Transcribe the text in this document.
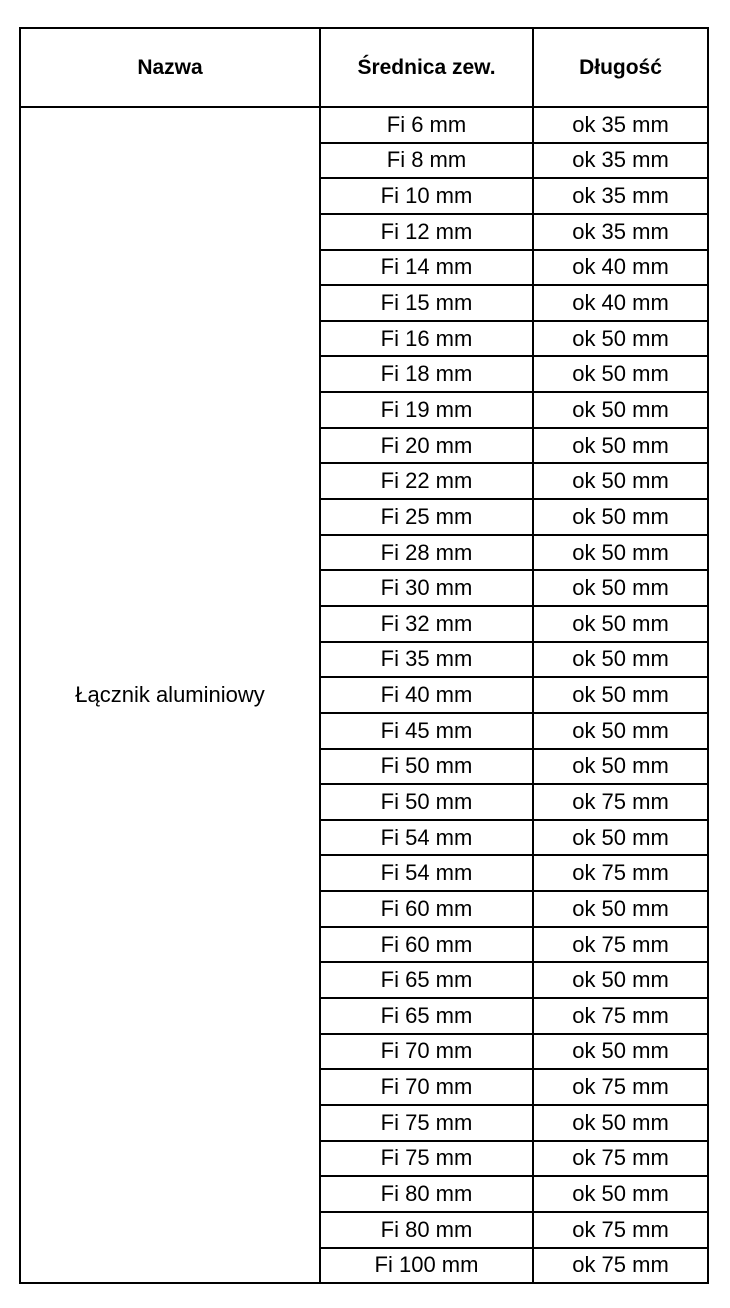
Nazwa	Średnica zew.	Długość
Łącznik aluminiowy	Fi 6 mm	ok 35 mm
	Fi 8 mm	ok 35 mm
	Fi 10 mm	ok 35 mm
	Fi 12 mm	ok 35 mm
	Fi 14 mm	ok 40 mm
	Fi 15 mm	ok 40 mm
	Fi 16 mm	ok 50 mm
	Fi 18 mm	ok 50 mm
	Fi 19 mm	ok 50 mm
	Fi 20 mm	ok 50 mm
	Fi 22 mm	ok 50 mm
	Fi 25 mm	ok 50 mm
	Fi 28 mm	ok 50 mm
	Fi 30 mm	ok 50 mm
	Fi 32 mm	ok 50 mm
	Fi 35 mm	ok 50 mm
	Fi 40 mm	ok 50 mm
	Fi 45 mm	ok 50 mm
	Fi 50 mm	ok 50 mm
	Fi 50 mm	ok 75 mm
	Fi 54 mm	ok 50 mm
	Fi 54 mm	ok 75 mm
	Fi 60 mm	ok 50 mm
	Fi 60 mm	ok 75 mm
	Fi 65 mm	ok 50 mm
	Fi 65 mm	ok 75 mm
	Fi 70 mm	ok 50 mm
	Fi 70 mm	ok 75 mm
	Fi 75 mm	ok 50 mm
	Fi 75 mm	ok 75 mm
	Fi 80 mm	ok 50 mm
	Fi 80 mm	ok 75 mm
	Fi 100 mm	ok 75 mm
